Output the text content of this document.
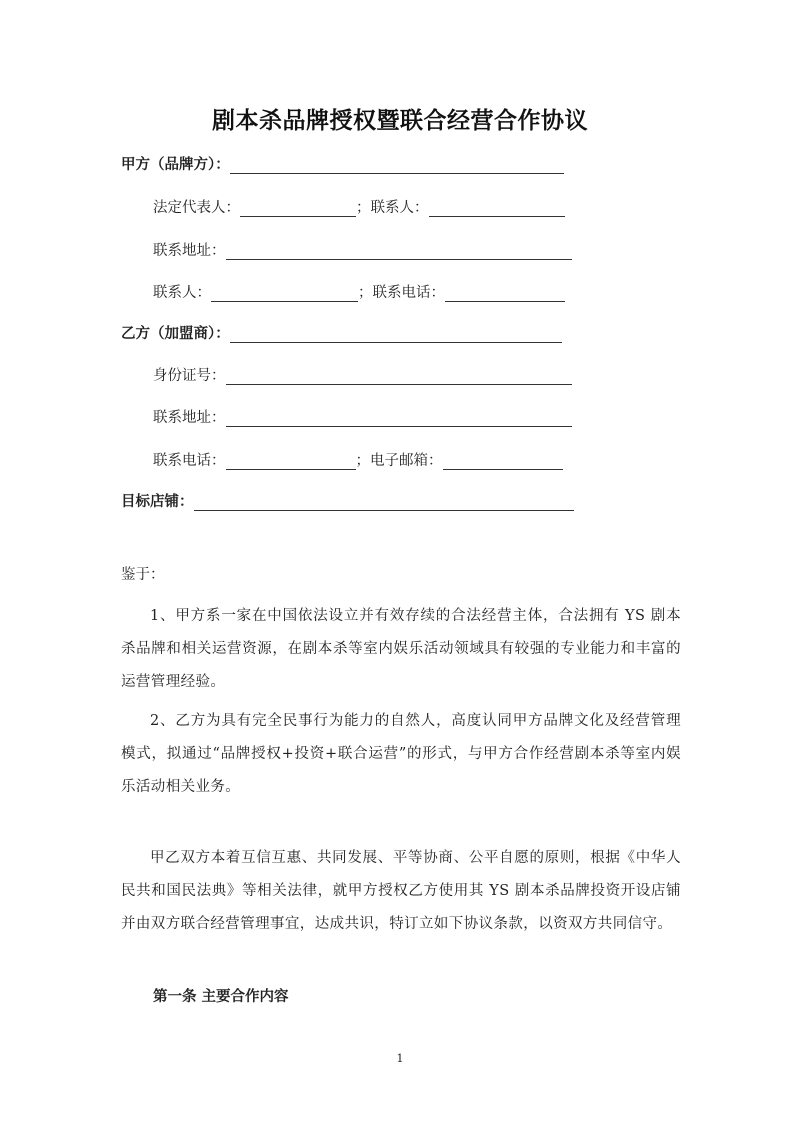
剧本杀品牌授权暨联合经营合作协议
甲方（品牌方）：
法定代表人：	；联系人：
联系地址：
联系人：	；联系电话：
乙方（加盟商）：
身份证号：
联系地址：
联系电话：	；电子邮箱：
目标店铺：
鉴于：
1、甲方系一家在中国依法设立并有效存续的合法经营主体，合法拥有 YS 剧本杀品牌和相关运营资源，在剧本杀等室内娱乐活动领域具有较强的专业能力和丰富的运营管理经验。
2、乙方为具有完全民事行为能力的自然人，高度认同甲方品牌文化及经营管理模式，拟通过“品牌授权+投资+联合运营”的形式，与甲方合作经营剧本杀等室内娱乐活动相关业务。
甲乙双方本着互信互惠、共同发展、平等协商、公平自愿的原则，根据《中华人民共和国民法典》等相关法律，就甲方授权乙方使用其 YS 剧本杀品牌投资开设店铺并由双方联合经营管理事宜，达成共识，特订立如下协议条款，以资双方共同信守。
第一条 主要合作内容
1
